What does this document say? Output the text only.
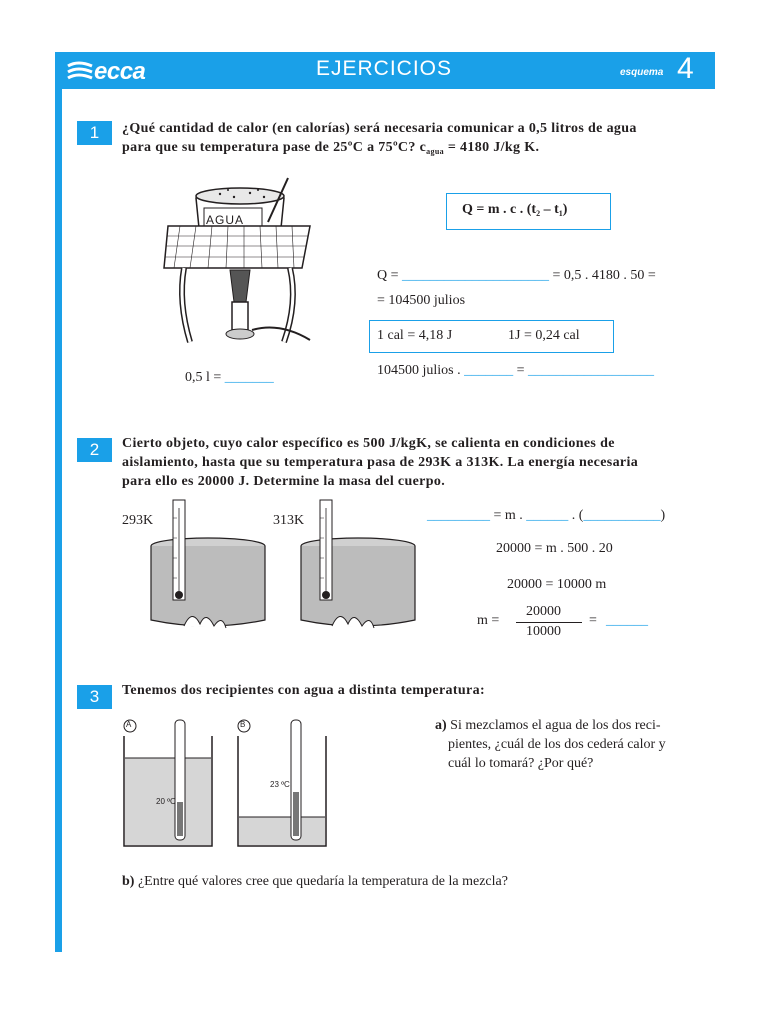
ecca	EJERCICIOS	esquema 4
1	¿Qué cantidad de calor (en calorías) será necesaria comunicar a 0,5 litros de agua
para que su temperatura pase de 25ºC a 75ºC? $c_{agua} = 4180$ J/kg K.
AGUA
0,5 l = _______
Q = m . c . $(t_2 - t_1)$
Q = _____________________ = 0,5 . 4180 . 50 =
= 104500 julios
1 cal = 4,18 J	1J = 0,24 cal
104500 julios . _______ = __________________
2	Cierto objeto, cuyo calor específico es 500 J/kgK, se calienta en condiciones de
aislamiento, hasta que su temperatura pasa de 293K a 313K. La energía necesaria
para ello es 20000 J. Determine la masa del cuerpo.
293K	313K	_________ = m . ______ . (___________)
20000 = m . 500 . 20
20000 = 10000 m
m =
20000
10000
= ______
3	Tenemos dos recipientes con agua a distinta temperatura:
A
20 ºC
B
23 ºC
a) Si mezclamos el agua de los dos reci-
pientes, ¿cuál de los dos cederá calor y
cuál lo tomará? ¿Por qué?
b) ¿Entre qué valores cree que quedaría la temperatura de la mezcla?
